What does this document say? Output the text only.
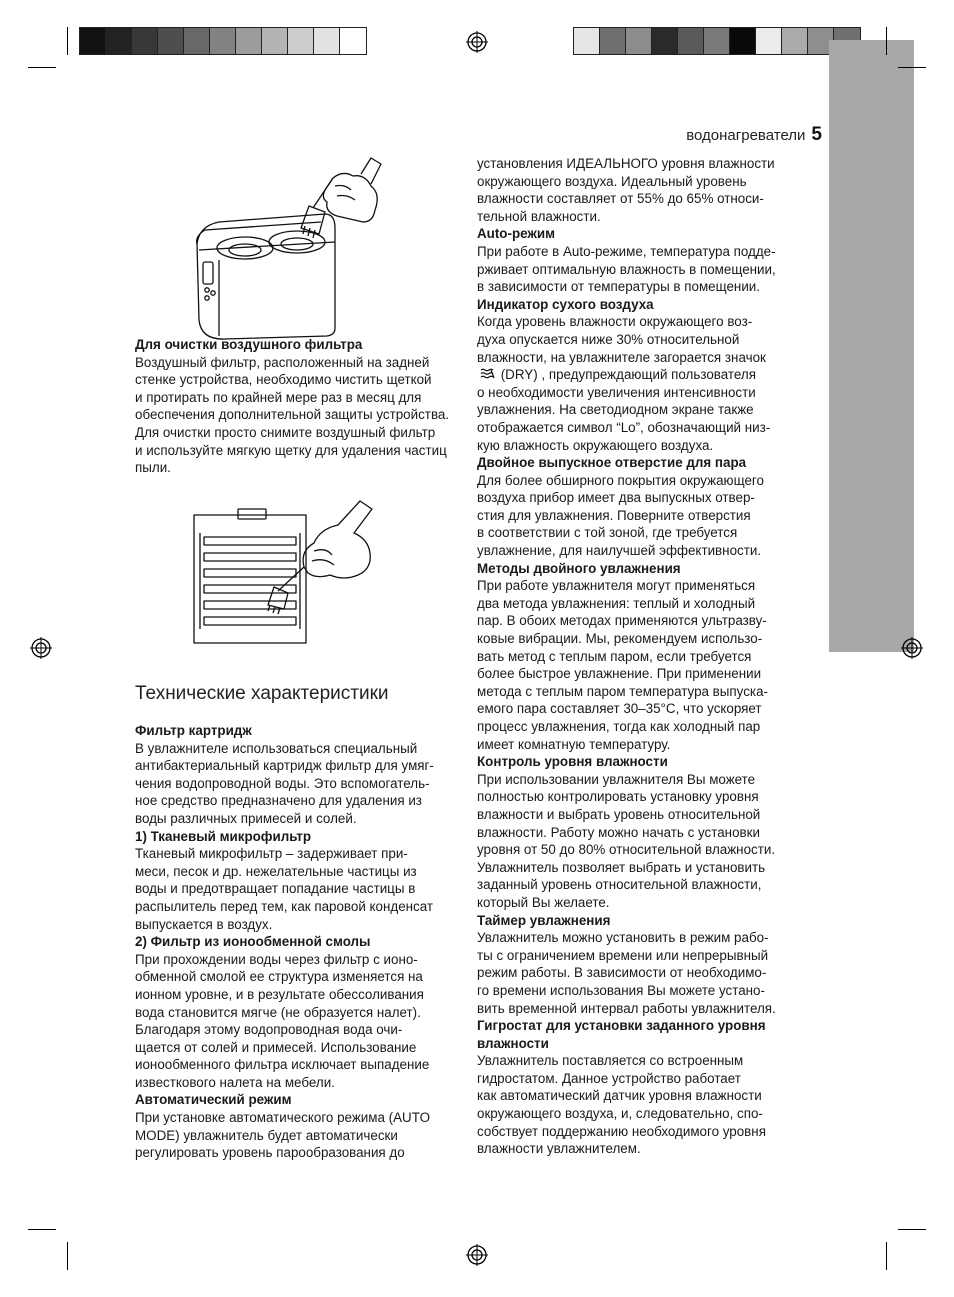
водонагреватели 5
Для очистки воздушного фильтра

Воздушный фильтр, расположенный на задней

стенке устройства, необходимо чистить щеткой

и протирать по крайней мере раз в месяц для

обеспечения дополнительной защиты устройства.

Для очистки просто снимите воздушный фильтр

и используйте мягкую щетку для удаления частиц

пыли.

Технические характеристики
Фильтр картридж

В увлажнителе использоваться специальный

антибактериальный картридж фильтр для умяг-

чения водопроводной воды. Это вспомогатель-

ное средство предназначено для удаления из

воды различных примесей и солей.

1) Тканевый микрофильтр

Тканевый микрофильтр – задерживает при-

меси, песок и др. нежелательные частицы из

воды и предотвращает попадание частицы в

распылитель перед тем, как паровой конденсат

выпускается в воздух.

2) Фильтр из ионообменной смолы

При прохождении воды через фильтр с ионо-

обменной смолой ее структура изменяется на

ионном уровне, и в результате обессоливания

вода становится мягче (не образуется налет).

Благодаря этому водопроводная вода очи-

щается от солей и примесей. Использование

ионообменного фильтра исключает выпадение

известкового налета на мебели.

Автоматический режим

При установке автоматического режима (AUTO

MODE) увлажнитель будет автоматически

регулировать уровень парообразования до

установления ИДЕАЛЬНОГО уровня влажности

окружающего воздуха. Идеальный уровень

влажности составляет от 55% до 65% относи-

тельной влажности.

Auto-режим

При работе в Auto-режиме, температура подде-

рживает оптимальную влажность в помещении,

в зависимости от температуры в помещении.

Индикатор сухого воздуха

Когда уровень влажности окружающего воз-

духа опускается ниже 30% относительной

влажности, на увлажнителе загорается значок

(DRY) , предупреждающий пользователя

о необходимости увеличения интенсивности

увлажнения. На светодиодном экране также

отображается символ “Lo”, обозначающий низ-

кую влажность окружающего воздуха.

Двойное выпускное отверстие для пара

Для более обширного покрытия окружающего

воздуха прибор имеет два выпускных отвер-

стия для увлажнения. Поверните отверстия

в соответствии с той зоной, где требуется

увлажнение, для наилучшей эффективности.

Методы двойного увлажнения

При работе увлажнителя могут применяться

два метода увлажнения: теплый и холодный

пар. В обоих методах применяются ультразву-

ковые вибрации. Мы, рекомендуем использо-

вать метод с теплым паром, если требуется

более быстрое увлажнение. При применении

метода с теплым паром температура выпуска-

емого пара составляет 30–35°C, что ускоряет

процесс увлажнения, тогда как холодный пар

имеет комнатную температуру.

Контроль уровня влажности

При использовании увлажнителя Вы можете

полностью контролировать установку уровня

влажности и выбрать уровень относительной

влажности. Работу можно начать с установки

уровня от 50 до 80% относительной влажности.

Увлажнитель позволяет выбрать и установить

заданный уровень относительной влажности,

который Вы желаете.

Таймер увлажнения

Увлажнитель можно установить в режим рабо-

ты с ограничением времени или непрерывный

режим работы. В зависимости от необходимо-

го времени использования Вы можете устано-

вить временной интервал работы увлажнителя.

Гигростат для установки заданного уровня влажности

Увлажнитель поставляется со встроенным

гидростатом. Данное устройство работает

как автоматический датчик уровня влажности

окружающего воздуха, и, следовательно, спо-

собствует поддержанию необходимого уровня

влажности увлажнителем.
